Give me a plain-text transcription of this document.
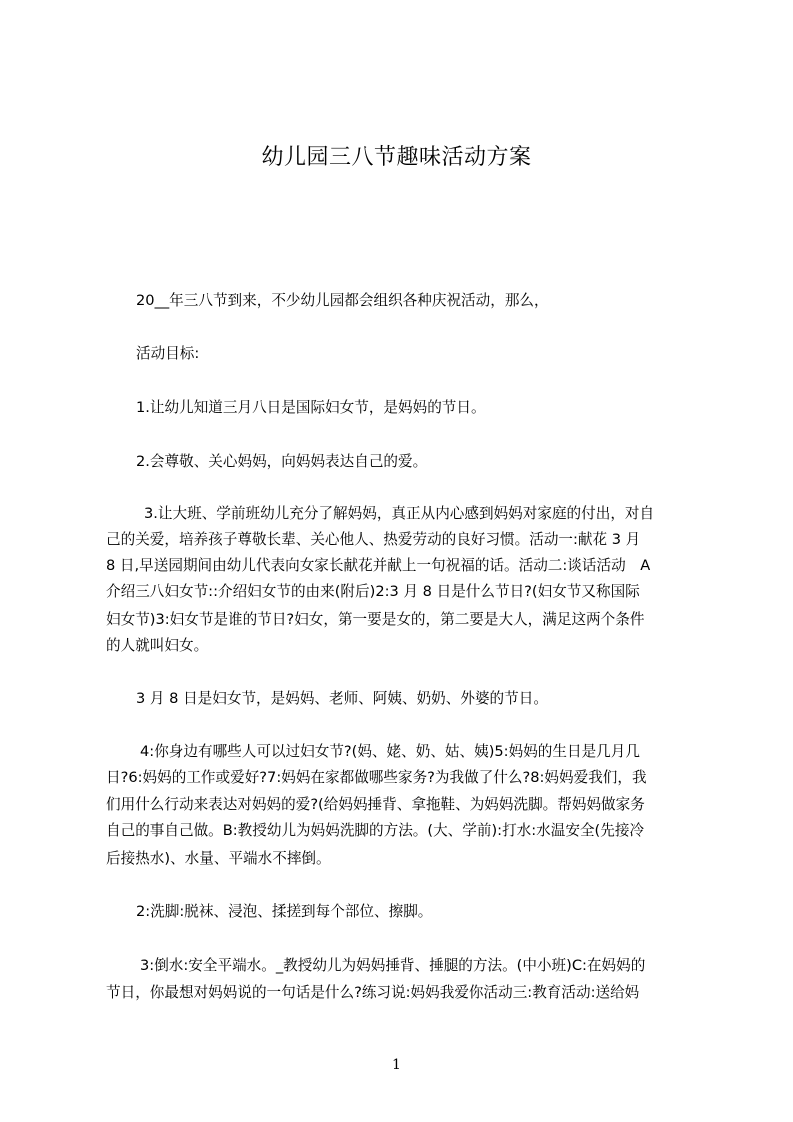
幼儿园三八节趣味活动方案

20__年三八节到来，不少幼儿园都会组织各种庆祝活动，那么，

活动目标:

1.让幼儿知道三月八日是国际妇女节，是妈妈的节日。

2.会尊敬、关心妈妈，向妈妈表达自己的爱。

3.让大班、学前班幼儿充分了解妈妈，真正从内心感到妈妈对家庭的付出，对自

己的关爱，培养孩子尊敬长辈、关心他人、热爱劳动的良好习惯。活动一:献花 3 月

8 日,早送园期间由幼儿代表向女家长献花并献上一句祝福的话。活动二:谈话活动　A

介绍三八妇女节::介绍妇女节的由来(附后)2:3 月 8 日是什么节日?(妇女节又称国际

妇女节)3:妇女节是谁的节日?妇女，第一要是女的，第二要是大人，满足这两个条件

的人就叫妇女。

3 月 8 日是妇女节，是妈妈、老师、阿姨、奶奶、外婆的节日。

4:你身边有哪些人可以过妇女节?(妈、姥、奶、姑、姨)5:妈妈的生日是几月几

日?6:妈妈的工作或爱好?7:妈妈在家都做哪些家务?为我做了什么?8:妈妈爱我们，我

们用什么行动来表达对妈妈的爱?(给妈妈捶背、拿拖鞋、为妈妈洗脚。帮妈妈做家务

自己的事自己做。B:教授幼儿为妈妈洗脚的方法。(大、学前):打水:水温安全(先接冷

后接热水)、水量、平端水不摔倒。

2:洗脚:脱袜、浸泡、揉搓到每个部位、擦脚。

3:倒水:安全平端水。_教授幼儿为妈妈捶背、捶腿的方法。(中小班)C:在妈妈的

节日，你最想对妈妈说的一句话是什么?练习说:妈妈我爱你活动三:教育活动:送给妈

1
